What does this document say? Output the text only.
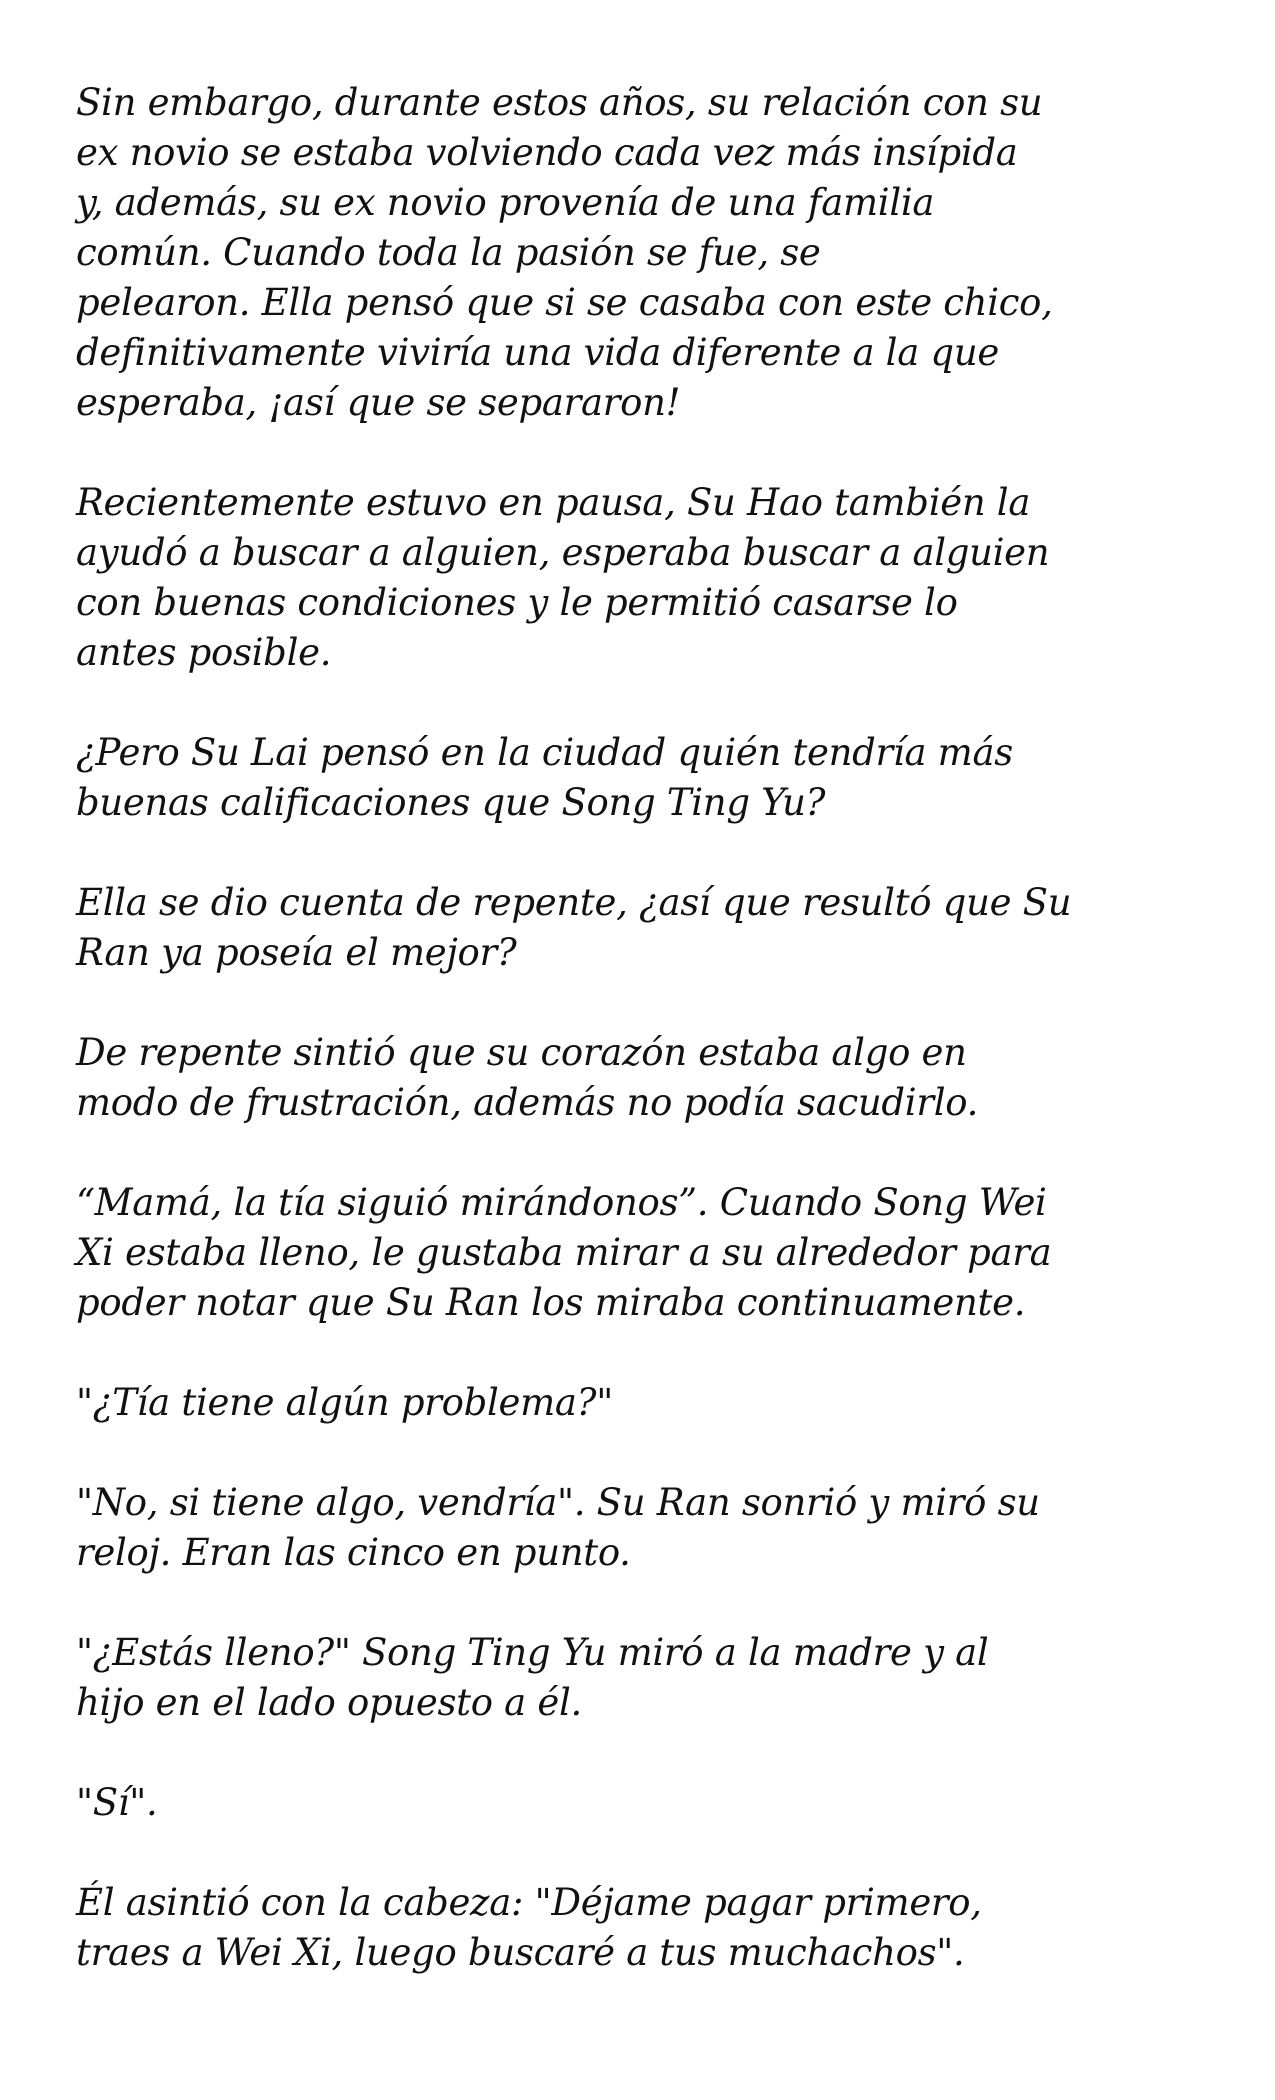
Sin embargo, durante estos años, su relación con su
ex novio se estaba volviendo cada vez más insípida
y, además, su ex novio provenía de una familia
común. Cuando toda la pasión se fue, se
pelearon. Ella pensó que si se casaba con este chico,
definitivamente viviría una vida diferente a la que
esperaba, ¡así que se separaron!

Recientemente estuvo en pausa, Su Hao también la
ayudó a buscar a alguien, esperaba buscar a alguien
con buenas condiciones y le permitió casarse lo
antes posible.

¿Pero Su Lai pensó en la ciudad quién tendría más
buenas calificaciones que Song Ting Yu?

Ella se dio cuenta de repente, ¿así que resultó que Su
Ran ya poseía el mejor?

De repente sintió que su corazón estaba algo en
modo de frustración, además no podía sacudirlo.

“Mamá, la tía siguió mirándonos”. Cuando Song Wei
Xi estaba lleno, le gustaba mirar a su alrededor para
poder notar que Su Ran los miraba continuamente.

"¿Tía tiene algún problema?"

"No, si tiene algo, vendría". Su Ran sonrió y miró su
reloj. Eran las cinco en punto.

"¿Estás lleno?" Song Ting Yu miró a la madre y al
hijo en el lado opuesto a él.

"Sí".

Él asintió con la cabeza: "Déjame pagar primero,
traes a Wei Xi, luego buscaré a tus muchachos".
